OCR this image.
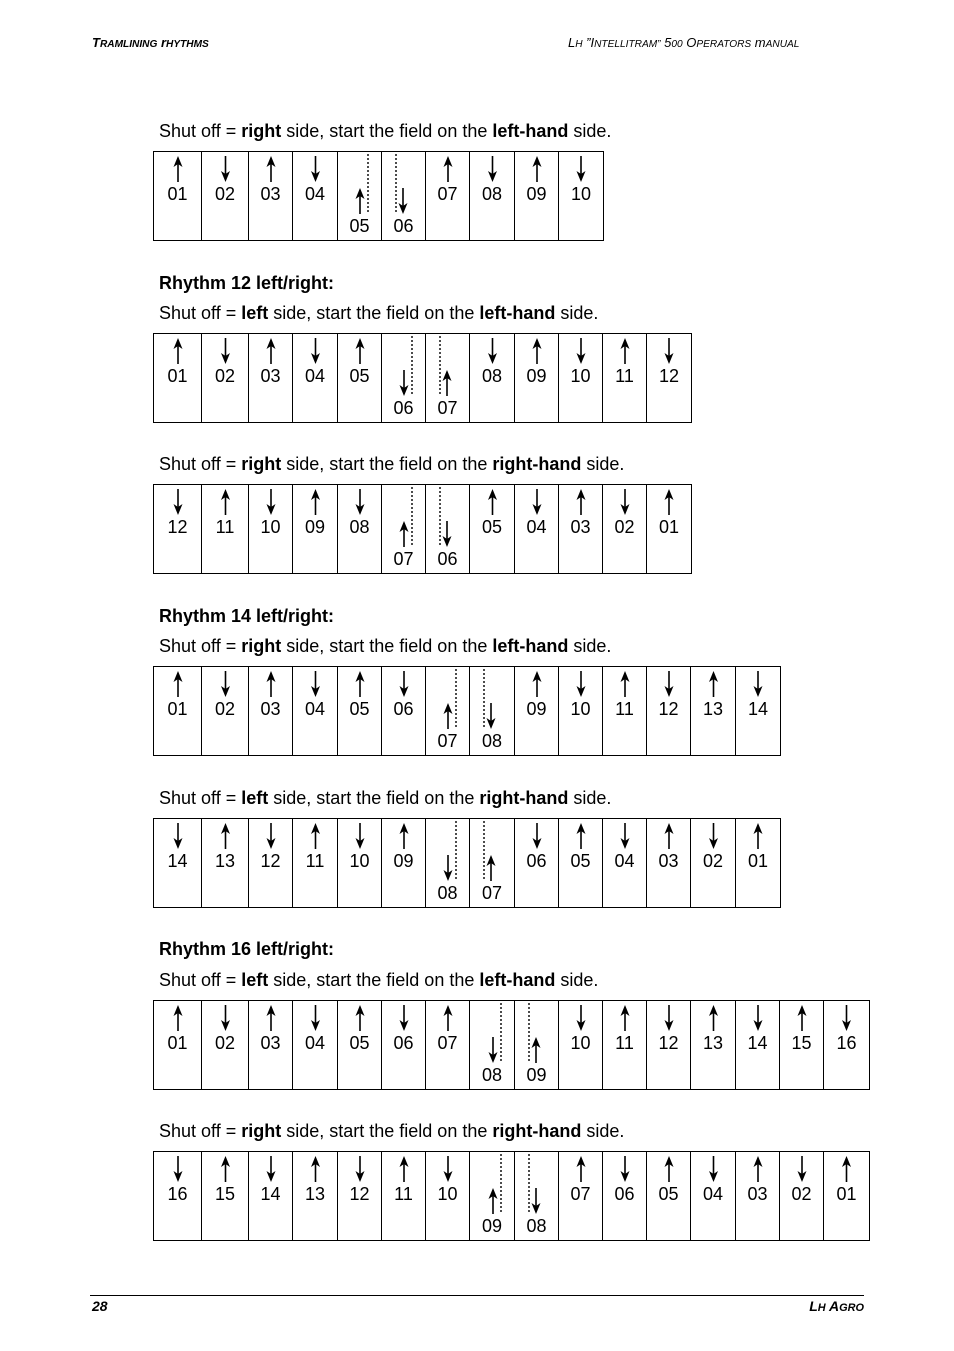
TRAMLINING rHYTHMS	LH ”INTELLITRAM” 500 OPERATORS mANUAL
Shut off = right side, start the field on the left-hand side.
01	02	03	04
05	06
07	08	09	10
Rhythm 12 left/right:
Shut off = left side, start the field on the left-hand side.
01	02	03	04	05
06	07
08	09	10	11	12
Shut off = right side, start the field on the right-hand side.
12	11	10	09	08
07	06
05	04	03	02	01
Rhythm 14 left/right:
Shut off = right side, start the field on the left-hand side.
01	02	03	04	05	06
07	08
09	10	11	12	13	14
Shut off = left side, start the field on the right-hand side.
14	13	12	11	10	09
08	07
06	05	04	03	02	01
Rhythm 16 left/right:
Shut off = left side, start the field on the left-hand side.
01	02	03	04	05	06	07
08	09
10	11	12	13	14	15	16
Shut off = right side, start the field on the right-hand side.
16	15	14	13	12	11	10
09	08
07	06	05	04	03	02	01
28	LH AGRO
